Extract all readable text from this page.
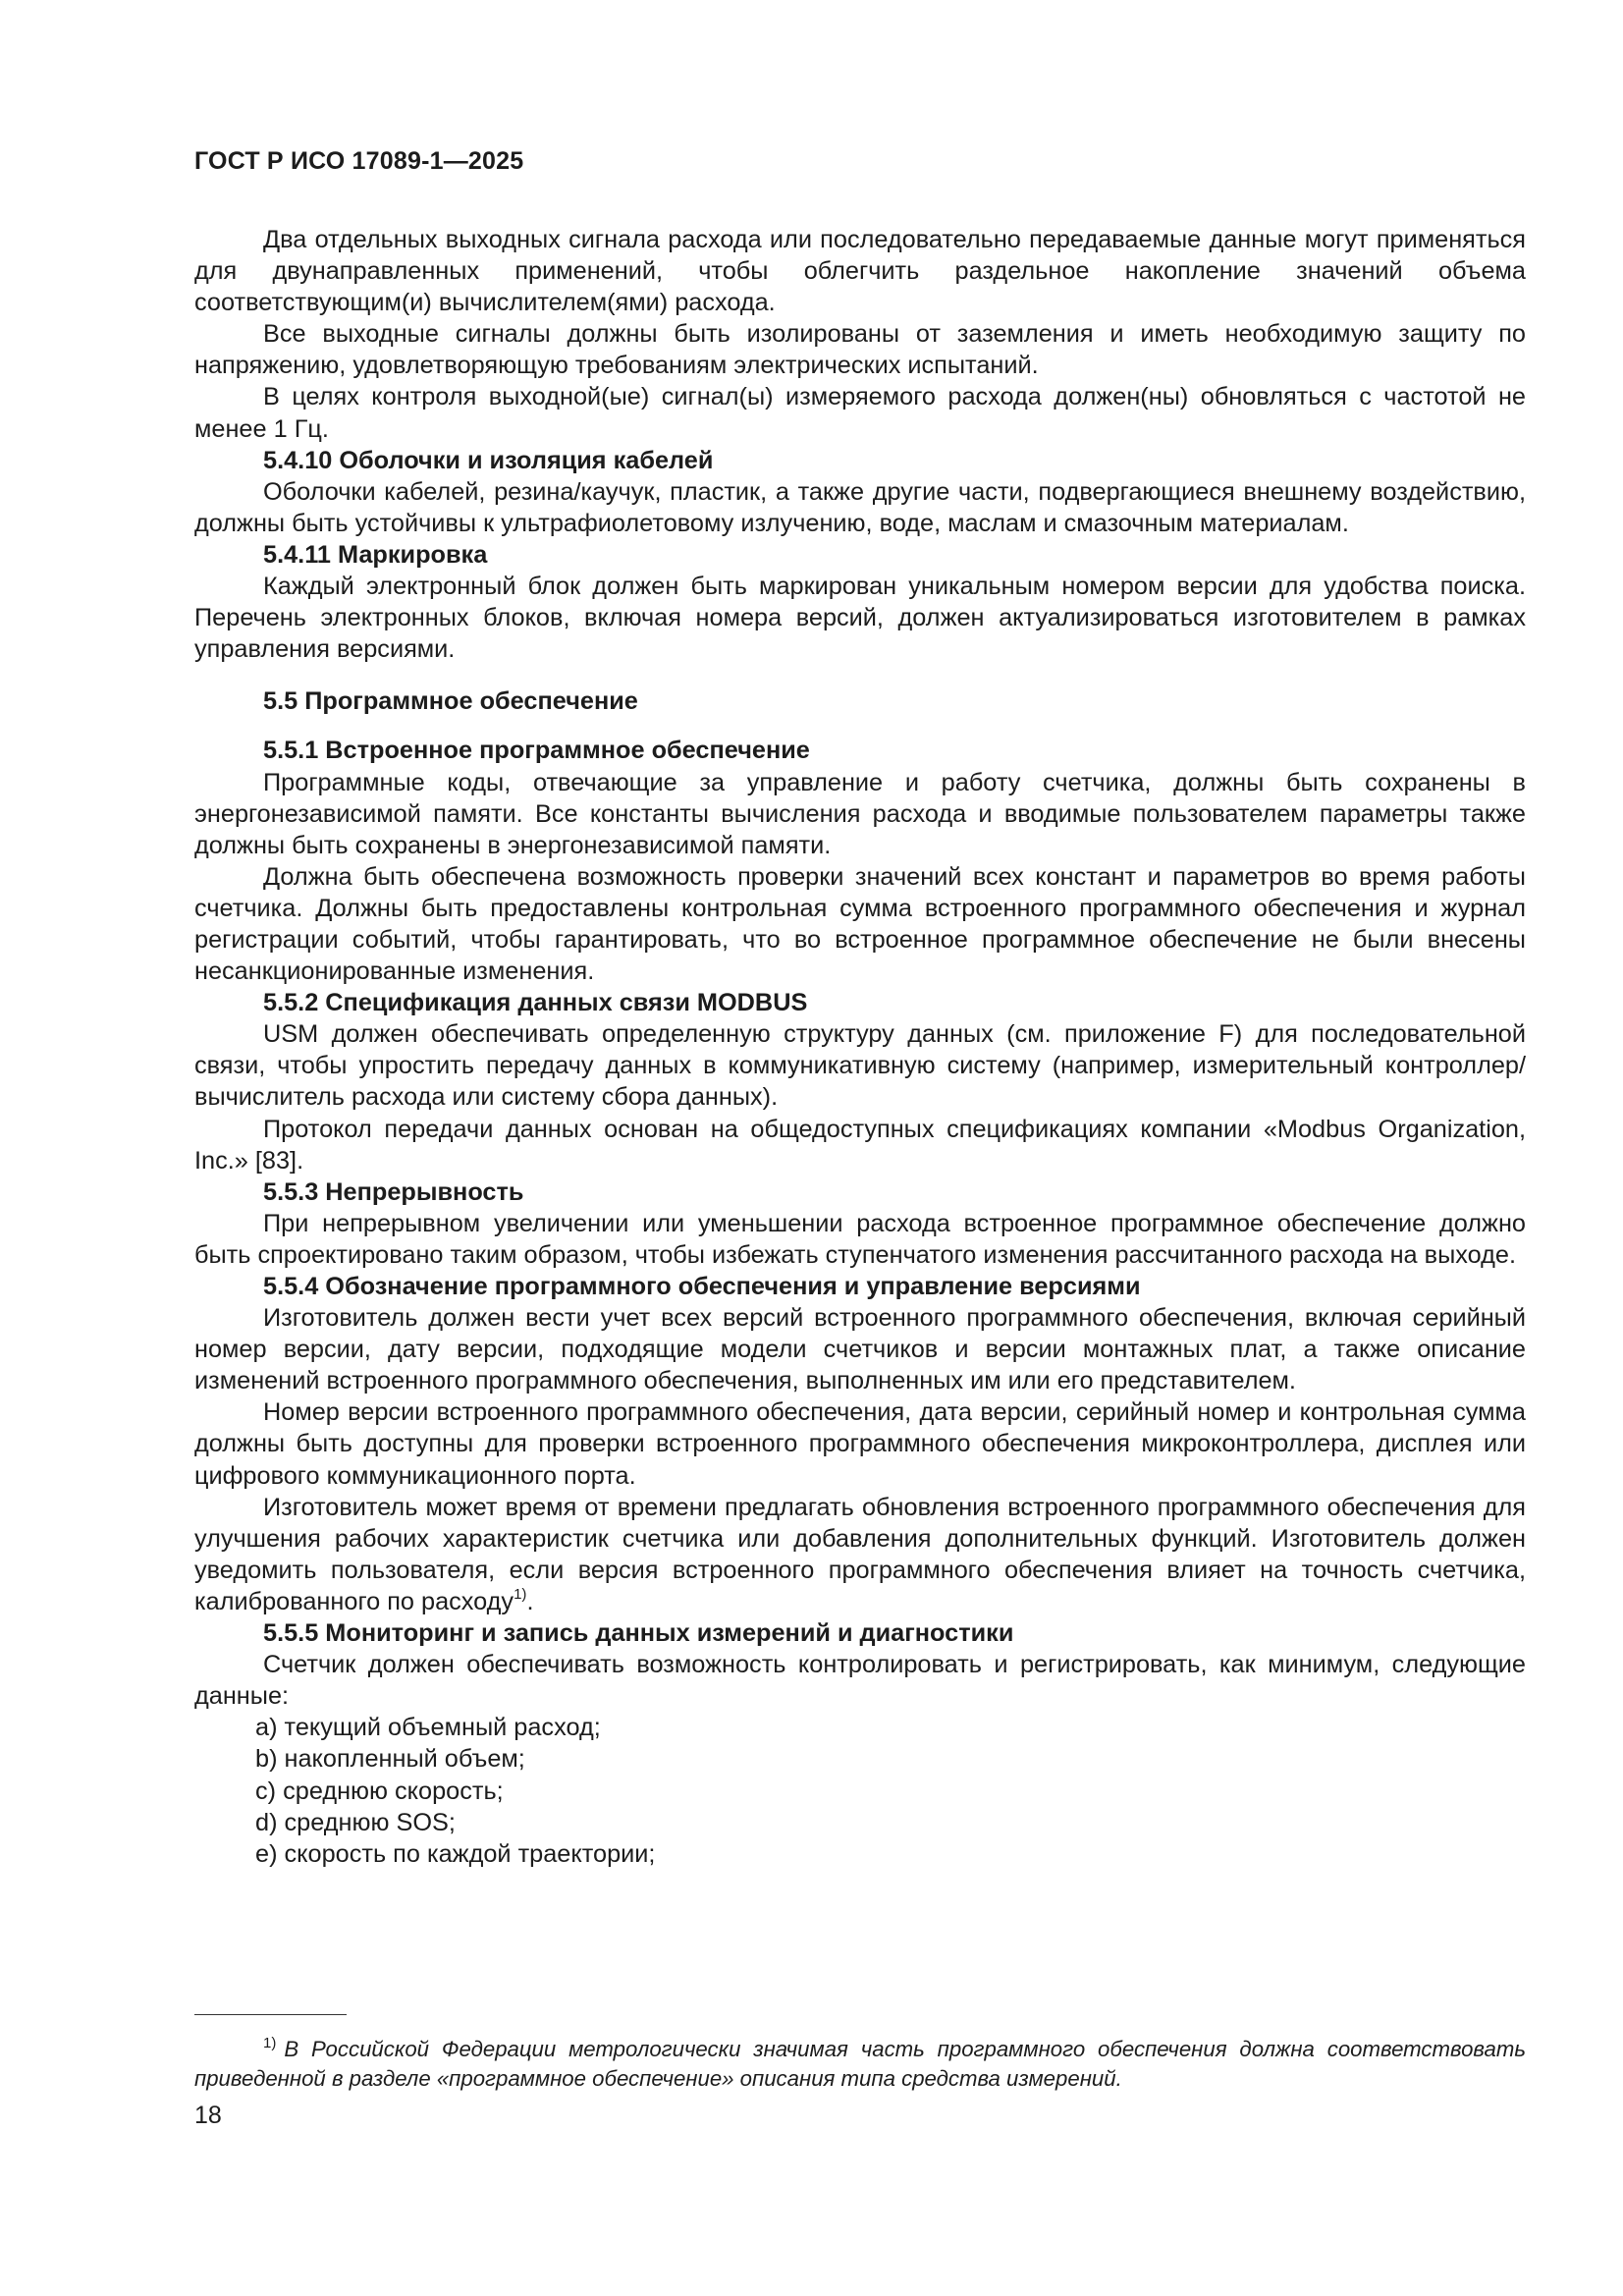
ГОСТ Р ИСО 17089-1—2025

Два отдельных выходных сигнала расхода или последовательно передаваемые данные могут применяться для двунаправленных применений, чтобы облегчить раздельное накопление значений объема соответствующим(и) вычислителем(ями) расхода.

Все выходные сигналы должны быть изолированы от заземления и иметь необходимую защиту по напряжению, удовлетворяющую требованиям электрических испытаний.

В целях контроля выходной(ые) сигнал(ы) измеряемого расхода должен(ны) обновляться с частотой не менее 1 Гц.

5.4.10 Оболочки и изоляция кабелей

Оболочки кабелей, резина/каучук, пластик, а также другие части, подвергающиеся внешнему воздействию, должны быть устойчивы к ультрафиолетовому излучению, воде, маслам и смазочным материалам.

5.4.11 Маркировка

Каждый электронный блок должен быть маркирован уникальным номером версии для удобства поиска. Перечень электронных блоков, включая номера версий, должен актуализироваться изготовителем в рамках управления версиями.

5.5 Программное обеспечение

5.5.1 Встроенное программное обеспечение

Программные коды, отвечающие за управление и работу счетчика, должны быть сохранены в энергонезависимой памяти. Все константы вычисления расхода и вводимые пользователем параметры также должны быть сохранены в энергонезависимой памяти.

Должна быть обеспечена возможность проверки значений всех констант и параметров во время работы счетчика. Должны быть предоставлены контрольная сумма встроенного программного обеспечения и журнал регистрации событий, чтобы гарантировать, что во встроенное программное обеспечение не были внесены несанкционированные изменения.

5.5.2 Спецификация данных связи MODBUS

USM должен обеспечивать определенную структуру данных (см. приложение F) для последовательной связи, чтобы упростить передачу данных в коммуникативную систему (например, измерительный контроллер/вычислитель расхода или систему сбора данных).

Протокол передачи данных основан на общедоступных спецификациях компании «Modbus Organization, Inc.» [83].

5.5.3 Непрерывность

При непрерывном увеличении или уменьшении расхода встроенное программное обеспечение должно быть спроектировано таким образом, чтобы избежать ступенчатого изменения рассчитанного расхода на выходе.

5.5.4 Обозначение программного обеспечения и управление версиями

Изготовитель должен вести учет всех версий встроенного программного обеспечения, включая серийный номер версии, дату версии, подходящие модели счетчиков и версии монтажных плат, а также описание изменений встроенного программного обеспечения, выполненных им или его представителем.

Номер версии встроенного программного обеспечения, дата версии, серийный номер и контрольная сумма должны быть доступны для проверки встроенного программного обеспечения микроконтроллера, дисплея или цифрового коммуникационного порта.

Изготовитель может время от времени предлагать обновления встроенного программного обеспечения для улучшения рабочих характеристик счетчика или добавления дополнительных функций. Изготовитель должен уведомить пользователя, если версия встроенного программного обеспечения влияет на точность счетчика, калиброванного по расходу$^{1)}$.

5.5.5 Мониторинг и запись данных измерений и диагностики

Счетчик должен обеспечивать возможность контролировать и регистрировать, как минимум, следующие данные:

a) текущий объемный расход;

b) накопленный объем;

c) среднюю скорость;

d) среднюю SOS;

e) скорость по каждой траектории;

$^{1)}$ В Российской Федерации метрологически значимая часть программного обеспечения должна соответствовать приведенной в разделе «программное обеспечение» описания типа средства измерений.

18
